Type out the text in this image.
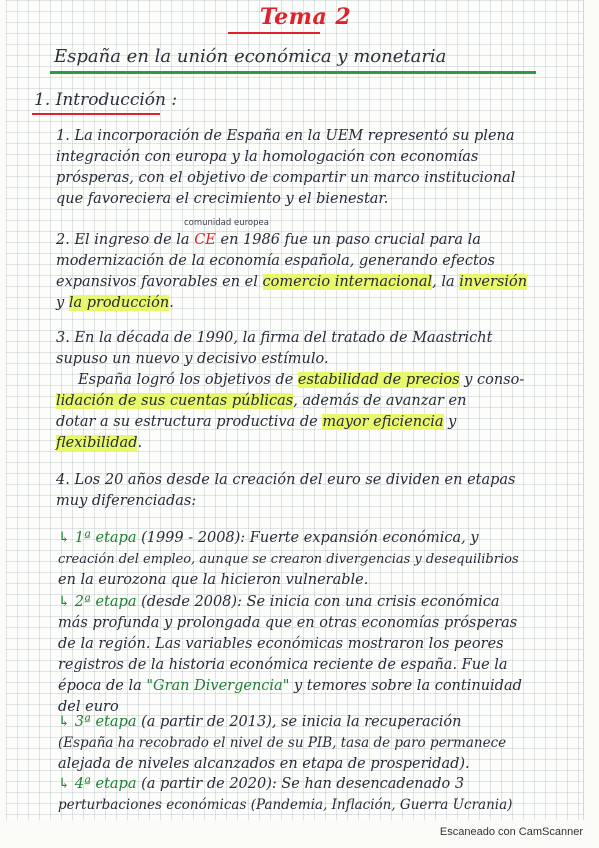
Tema 2
España en la unión económica y monetaria
1. Introducción :
1. La incorporación de España en la UEM representó su plena
integración con europa y la homologación con economías
prósperas, con el objetivo de compartir un marco institucional
que favoreciera el crecimiento y el bienestar.
comunidad europea
2. El ingreso de la CE en 1986 fue un paso crucial para la
modernización de la economía española, generando efectos
expansivos favorables en el comercio internacional, la inversión
y la producción.
3. En la década de 1990, la firma del tratado de Maastricht
supuso un nuevo y decisivo estímulo.
España logró los objetivos de estabilidad de precios y conso-
lidación de sus cuentas públicas, además de avanzar en
dotar a su estructura productiva de mayor eficiencia y
flexibilidad.
4. Los 20 años desde la creación del euro se dividen en etapas
muy diferenciadas:
↳ 1ª etapa (1999 - 2008): Fuerte expansión económica, y
creación del empleo, aunque se crearon divergencias y desequilibrios
en la eurozona que la hicieron vulnerable.
↳ 2ª etapa (desde 2008): Se inicia con una crisis económica
más profunda y prolongada que en otras economías prósperas
de la región. Las variables económicas mostraron los peores
registros de la historia económica reciente de españa. Fue la
época de la "Gran Divergencia" y temores sobre la continuidad
del euro
↳ 3ª etapa (a partir de 2013), se inicia la recuperación
(España ha recobrado el nivel de su PIB, tasa de paro permanece
alejada de niveles alcanzados en etapa de prosperidad).
↳ 4ª etapa (a partir de 2020): Se han desencadenado 3
perturbaciones económicas (Pandemia, Inflación, Guerra Ucrania)
Escaneado con CamScanner
